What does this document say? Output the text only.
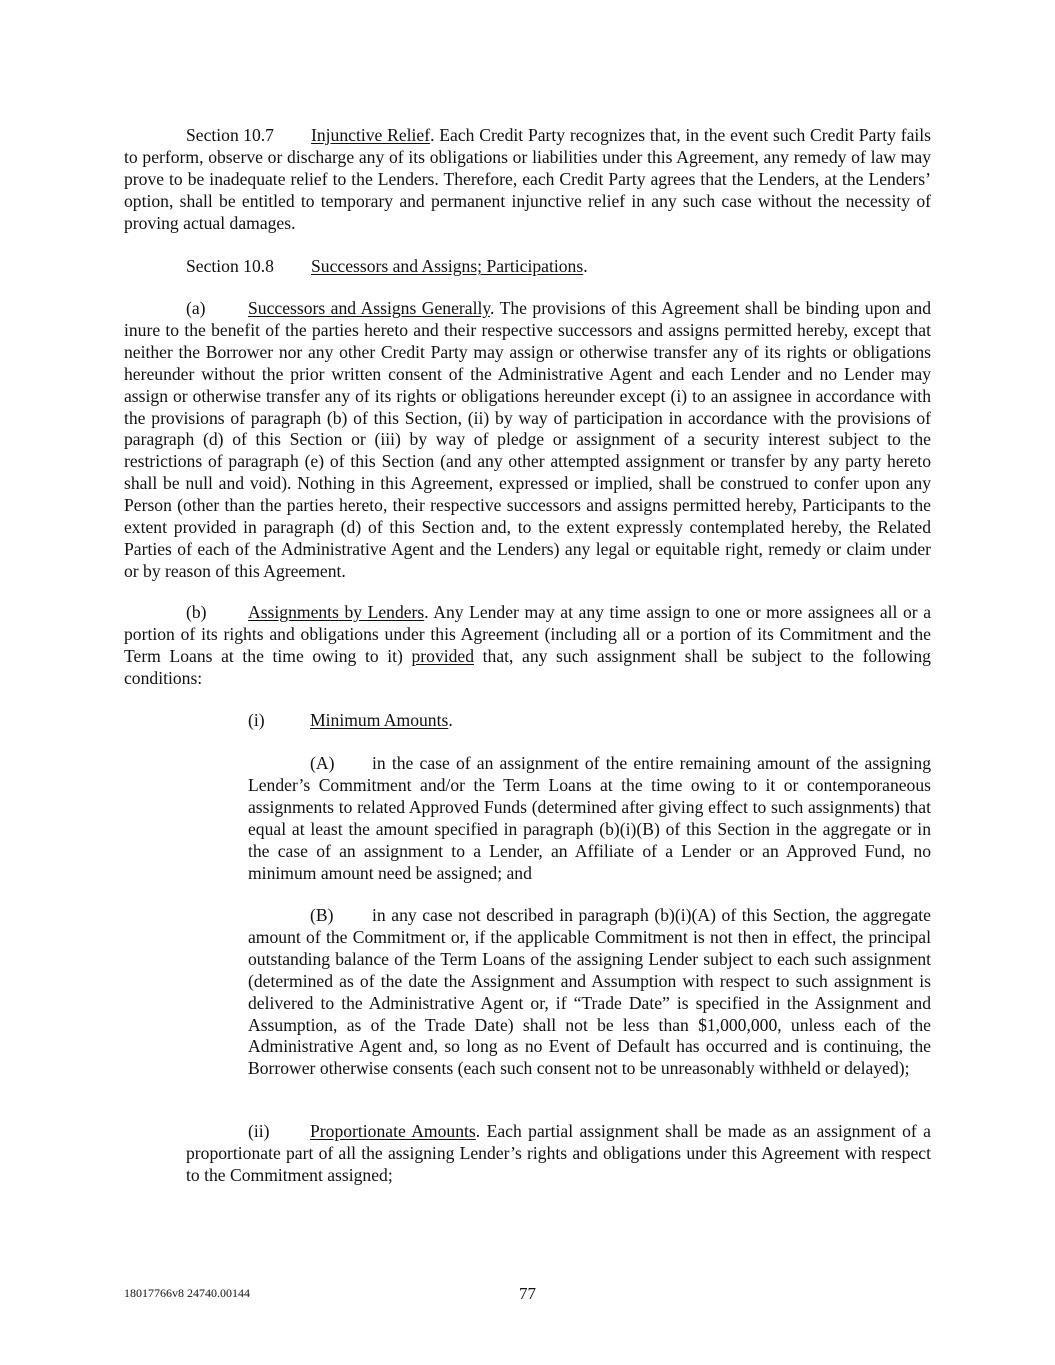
Section 10.7 Injunctive Relief. Each Credit Party recognizes that, in the event such Credit Party fails to perform, observe or discharge any of its obligations or liabilities under this Agreement, any remedy of law may prove to be inadequate relief to the Lenders. Therefore, each Credit Party agrees that the Lenders, at the Lenders’ option, shall be entitled to temporary and permanent injunctive relief in any such case without the necessity of proving actual damages.

Section 10.8 Successors and Assigns; Participations.

(a) Successors and Assigns Generally. The provisions of this Agreement shall be binding upon and inure to the benefit of the parties hereto and their respective successors and assigns permitted hereby, except that neither the Borrower nor any other Credit Party may assign or otherwise transfer any of its rights or obligations hereunder without the prior written consent of the Administrative Agent and each Lender and no Lender may assign or otherwise transfer any of its rights or obligations hereunder except (i) to an assignee in accordance with the provisions of paragraph (b) of this Section, (ii) by way of participation in accordance with the provisions of paragraph (d) of this Section or (iii) by way of pledge or assignment of a security interest subject to the restrictions of paragraph (e) of this Section (and any other attempted assignment or transfer by any party hereto shall be null and void). Nothing in this Agreement, expressed or implied, shall be construed to confer upon any Person (other than the parties hereto, their respective successors and assigns permitted hereby, Participants to the extent provided in paragraph (d) of this Section and, to the extent expressly contemplated hereby, the Related Parties of each of the Administrative Agent and the Lenders) any legal or equitable right, remedy or claim under or by reason of this Agreement.

(b) Assignments by Lenders. Any Lender may at any time assign to one or more assignees all or a portion of its rights and obligations under this Agreement (including all or a portion of its Commitment and the Term Loans at the time owing to it) provided that, any such assignment shall be subject to the following conditions:

(i)	Minimum Amounts.

(A) in the case of an assignment of the entire remaining amount of the assigning Lender’s Commitment and/or the Term Loans at the time owing to it or contemporaneous assignments to related Approved Funds (determined after giving effect to such assignments) that equal at least the amount specified in paragraph (b)(i)(B) of this Section in the aggregate or in the case of an assignment to a Lender, an Affiliate of a Lender or an Approved Fund, no minimum amount need be assigned; and

(B) in any case not described in paragraph (b)(i)(A) of this Section, the aggregate amount of the Commitment or, if the applicable Commitment is not then in effect, the principal outstanding balance of the Term Loans of the assigning Lender subject to each such assignment (determined as of the date the Assignment and Assumption with respect to such assignment is delivered to the Administrative Agent or, if “Trade Date” is specified in the Assignment and Assumption, as of the Trade Date) shall not be less than $1,000,000, unless each of the Administrative Agent and, so long as no Event of Default has occurred and is continuing, the Borrower otherwise consents (each such consent not to be unreasonably withheld or delayed);

(ii) Proportionate Amounts. Each partial assignment shall be made as an assignment of a proportionate part of all the assigning Lender’s rights and obligations under this Agreement with respect to the Commitment assigned;

18017766v8 24740.00144	77
